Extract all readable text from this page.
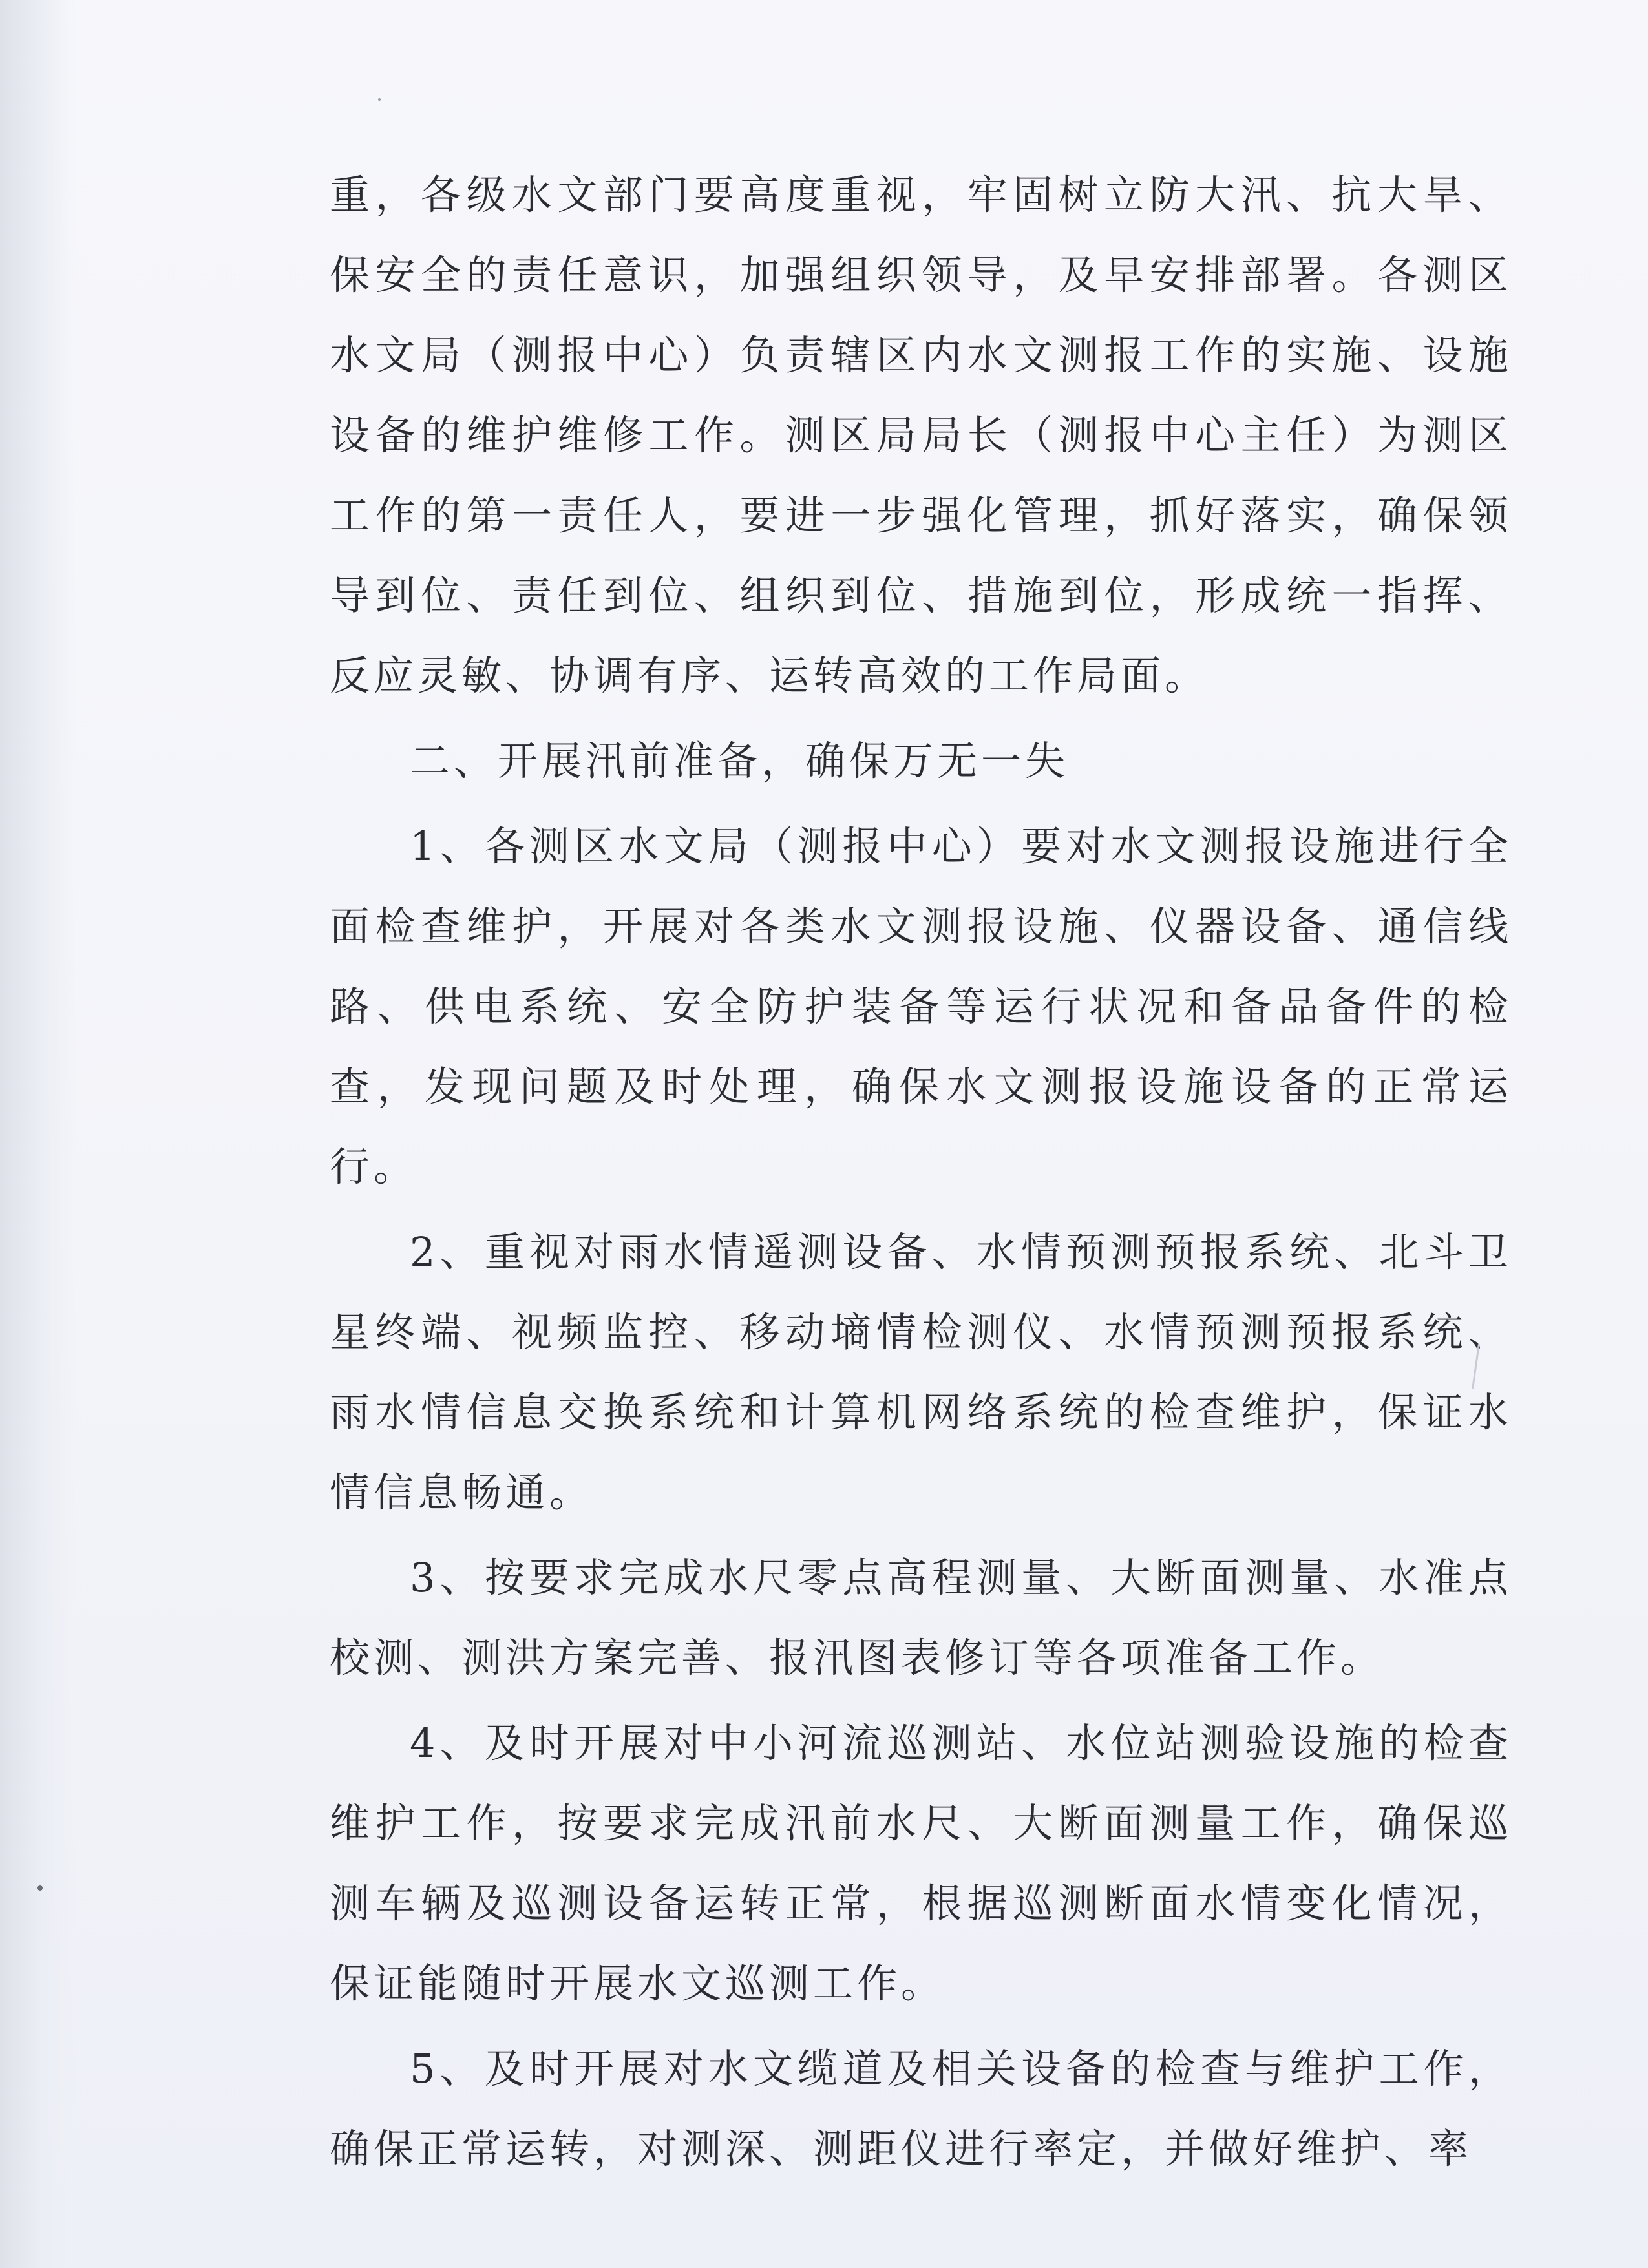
重，各级水文部门要高度重视，牢固树立防大汛、抗大旱、保安全的责任意识，加强组织领导，及早安排部署。各测区水文局（测报中心）负责辖区内水文测报工作的实施、设施设备的维护维修工作。测区局局长（测报中心主任）为测区工作的第一责任人，要进一步强化管理，抓好落实，确保领导到位、责任到位、组织到位、措施到位，形成统一指挥、反应灵敏、协调有序、运转高效的工作局面。

二、开展汛前准备，确保万无一失

1、各测区水文局（测报中心）要对水文测报设施进行全面检查维护，开展对各类水文测报设施、仪器设备、通信线路、供电系统、安全防护装备等运行状况和备品备件的检查，发现问题及时处理，确保水文测报设施设备的正常运行。

2、重视对雨水情遥测设备、水情预测预报系统、北斗卫星终端、视频监控、移动墒情检测仪、水情预测预报系统、雨水情信息交换系统和计算机网络系统的检查维护，保证水情信息畅通。

3、按要求完成水尺零点高程测量、大断面测量、水准点校测、测洪方案完善、报汛图表修订等各项准备工作。

4、及时开展对中小河流巡测站、水位站测验设施的检查维护工作，按要求完成汛前水尺、大断面测量工作，确保巡测车辆及巡测设备运转正常，根据巡测断面水情变化情况，保证能随时开展水文巡测工作。

5、及时开展对水文缆道及相关设备的检查与维护工作，确保正常运转，对测深、测距仪进行率定，并做好维护、率
